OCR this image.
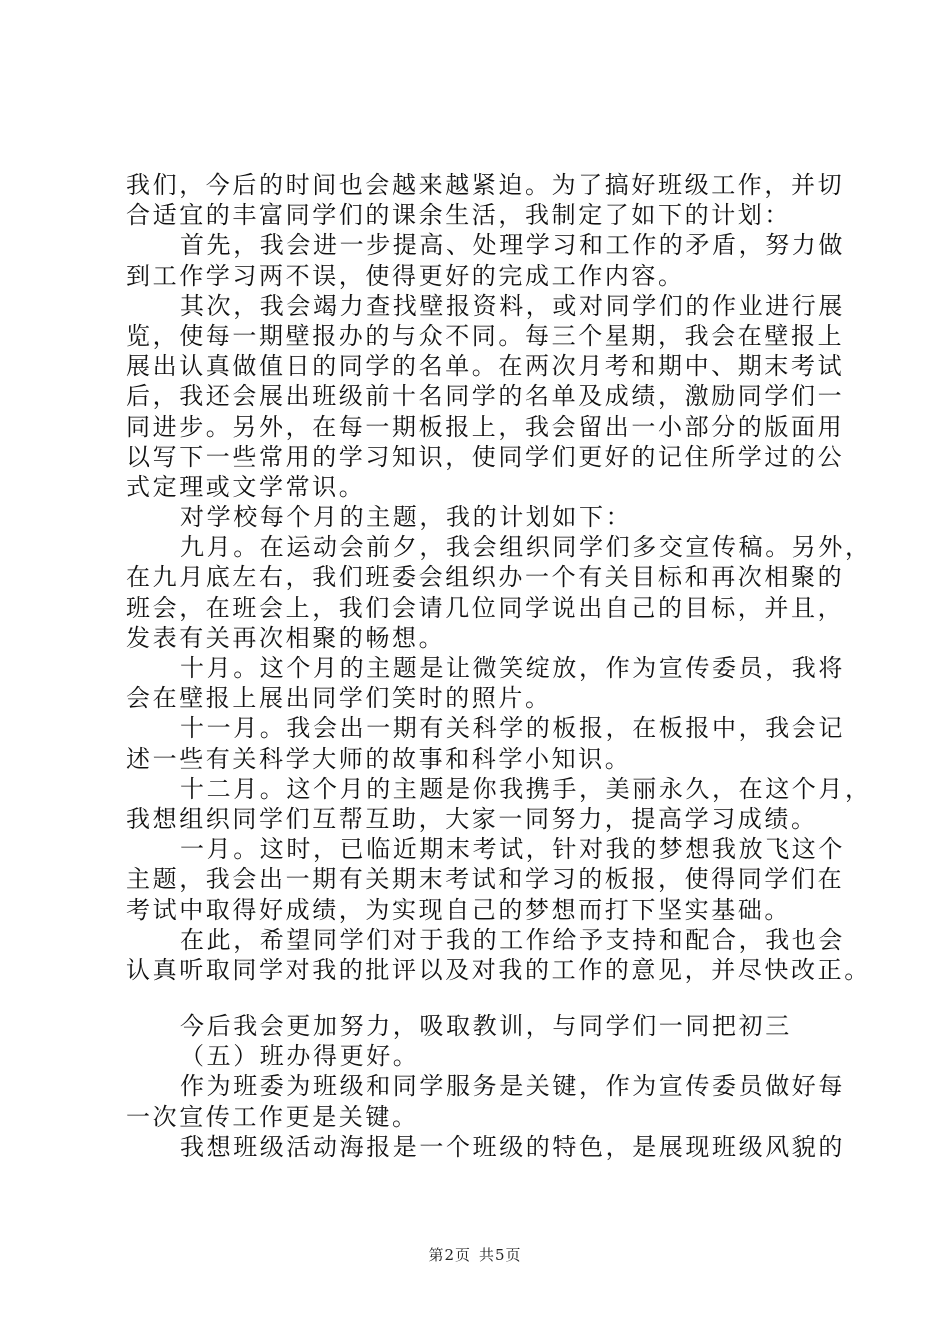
我们，今后的时间也会越来越紧迫。为了搞好班级工作，并切
合适宜的丰富同学们的课余生活，我制定了如下的计划：
首先，我会进一步提高、处理学习和工作的矛盾，努力做
到工作学习两不误，使得更好的完成工作内容。
其次，我会竭力查找壁报资料，或对同学们的作业进行展
览，使每一期壁报办的与众不同。每三个星期，我会在壁报上
展出认真做值日的同学的名单。在两次月考和期中、期末考试
后，我还会展出班级前十名同学的名单及成绩，激励同学们一
同进步。另外，在每一期板报上，我会留出一小部分的版面用
以写下一些常用的学习知识，使同学们更好的记住所学过的公
式定理或文学常识。
对学校每个月的主题，我的计划如下：
九月。在运动会前夕，我会组织同学们多交宣传稿。另外，
在九月底左右，我们班委会组织办一个有关目标和再次相聚的
班会，在班会上，我们会请几位同学说出自己的目标，并且，
发表有关再次相聚的畅想。
十月。这个月的主题是让微笑绽放，作为宣传委员，我将
会在壁报上展出同学们笑时的照片。
十一月。我会出一期有关科学的板报，在板报中，我会记
述一些有关科学大师的故事和科学小知识。
十二月。这个月的主题是你我携手，美丽永久，在这个月，
我想组织同学们互帮互助，大家一同努力，提高学习成绩。
一月。这时，已临近期末考试，针对我的梦想我放飞这个
主题，我会出一期有关期末考试和学习的板报，使得同学们在
考试中取得好成绩，为实现自己的梦想而打下坚实基础。
在此，希望同学们对于我的工作给予支持和配合，我也会
认真听取同学对我的批评以及对我的工作的意见，并尽快改正。
今后我会更加努力，吸取教训，与同学们一同把初三
（五）班办得更好。
作为班委为班级和同学服务是关键，作为宣传委员做好每
一次宣传工作更是关键。
我想班级活动海报是一个班级的特色，是展现班级风貌的
第2页 共5页
